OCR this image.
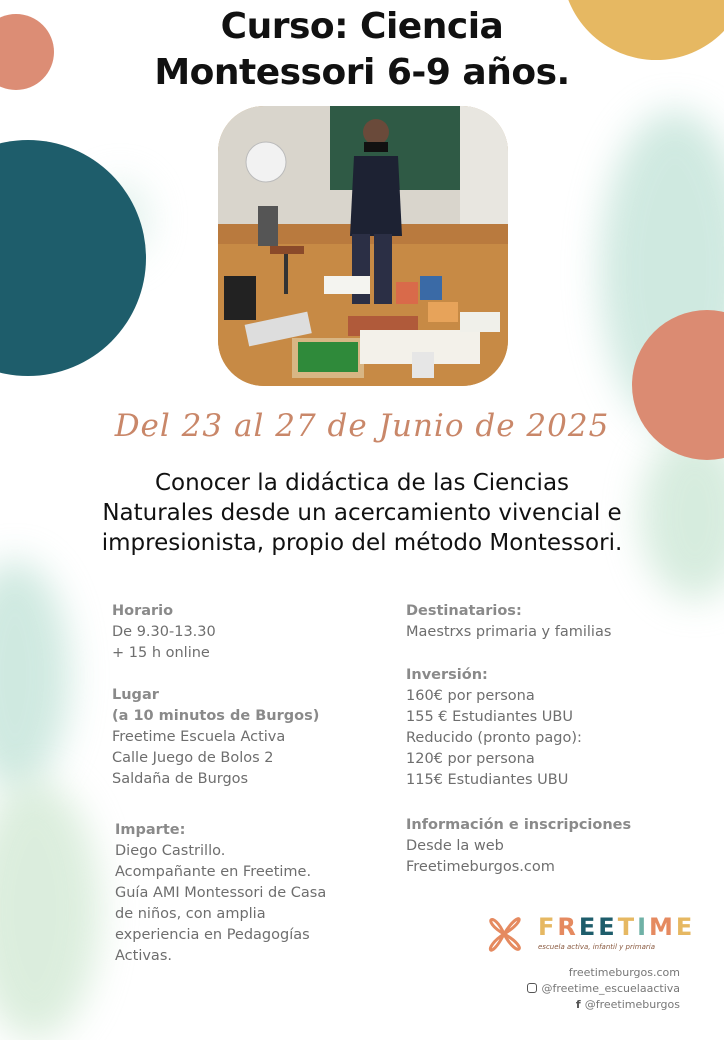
Curso: Ciencia
Montessori 6-9 años.
Del 23 al 27 de Junio de 2025
Conocer la didáctica de las Ciencias
Naturales desde un acercamiento vivencial e
impresionista, propio del método Montessori.
Horario
De 9.30-13.30
+ 15 h online
Lugar
(a 10 minutos de Burgos)
Freetime Escuela Activa
Calle Juego de Bolos 2
Saldaña de Burgos
Imparte:
Diego Castrillo.
Acompañante en Freetime.
Guía AMI Montessori de Casa
de niños, con amplia
experiencia en Pedagogías
Activas.
Destinatarios:
Maestrxs primaria y familias
Inversión:
160€ por persona
155 € Estudiantes UBU
Reducido (pronto pago):
120€ por persona
115€ Estudiantes UBU
Información e inscripciones
Desde la web
Freetimeburgos.com
FREETIME
escuela activa, infantil y primaria
freetimeburgos.com
@freetime_escuelaactiva
f @freetimeburgos
